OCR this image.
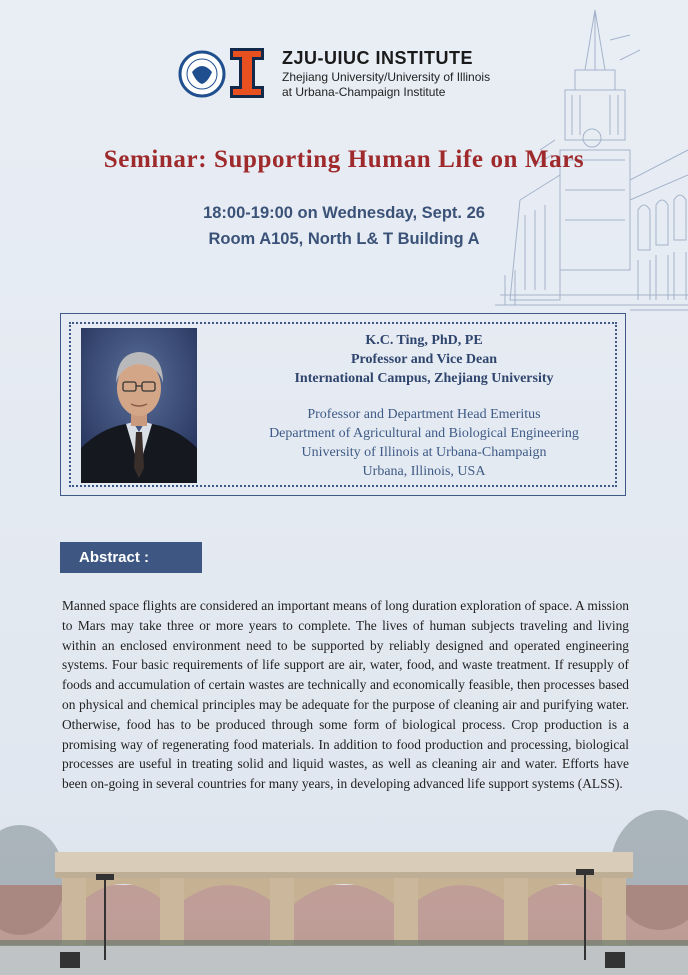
ZJU-UIUC INSTITUTE
Zhejiang University/University of Illinois
at Urbana-Champaign Institute
Seminar: Supporting Human Life on Mars
18:00-19:00 on Wednesday, Sept. 26
Room A105, North L& T Building A
K.C. Ting, PhD, PE
Professor and Vice Dean
International Campus, Zhejiang University
Professor and Department Head Emeritus
Department of Agricultural and Biological Engineering
University of Illinois at Urbana-Champaign
Urbana, Illinois, USA
Abstract :
Manned space flights are considered an important means of long duration exploration of space. A mission to Mars may take three or more years to complete. The lives of human subjects traveling and living within an enclosed environment need to be supported by reliably designed and operated engineering systems. Four basic requirements of life support are air, water, food, and waste treatment. If resupply of foods and accumulation of certain wastes are technically and economically feasible, then processes based on physical and chemical principles may be adequate for the purpose of cleaning air and purifying water. Otherwise, food has to be produced through some form of biological process. Crop production is a promising way of regenerating food materials. In addition to food production and processing, biological processes are useful in treating solid and liquid wastes, as well as cleaning air and water. Efforts have been on-going in several countries for many years, in developing advanced life support systems (ALSS).
